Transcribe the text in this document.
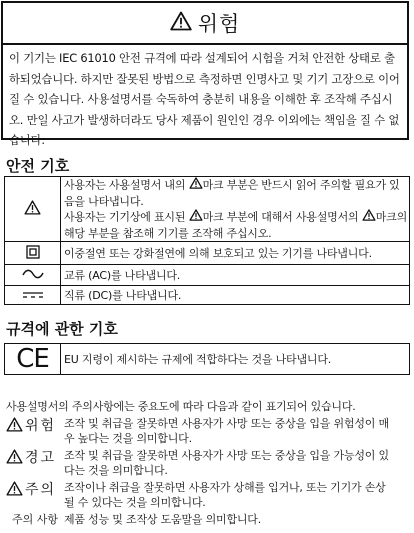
위험
이 기기는 IEC 61010 안전 규격에 따라 설계되어 시험을 거쳐 안전한 상태로 출하되었습니다. 하지만 잘못된 방법으로 측정하면 인명사고 및 기기 고장으로 이어질 수 있습니다. 사용설명서를 숙독하여 충분히 내용을 이해한 후 조작해 주십시오. 만일 사고가 발생하더라도 당사 제품이 원인인 경우 이외에는 책임을 질 수 없습니다.
안전 기호
	사용자는 사용설명서 내의 마크 부분은 반드시 읽어 주의할 필요가 있음을 나타냅니다.
사용자는 기기상에 표시된 마크 부분에 대해서 사용설명서의 마크의 해당 부분을 참조해 기기를 조작해 주십시오.
	이중절연 또는 강화절연에 의해 보호되고 있는 기기를 나타냅니다.
	교류 (AC)를 나타냅니다.
	직류 (DC)를 나타냅니다.
규격에 관한 기호
CE	EU 지령이 제시하는 규제에 적합하다는 것을 나타냅니다.
사용설명서의 주의사항에는 중요도에 따라 다음과 같이 표기되어 있습니다.
위험	조작 및 취급을 잘못하면 사용자가 사망 또는 중상을 입을 위험성이 매우 높다는 것을 의미합니다.

경고	조작 및 취급을 잘못하면 사용자가 사망 또는 중상을 입을 가능성이 있다는 것을 의미합니다.

주의	조작이나 취급을 잘못하면 사용자가 상해를 입거나, 또는 기기가 손상될 수 있다는 것을 의미합니다.
주의 사항	제품 성능 및 조작상 도움말을 의미합니다.
